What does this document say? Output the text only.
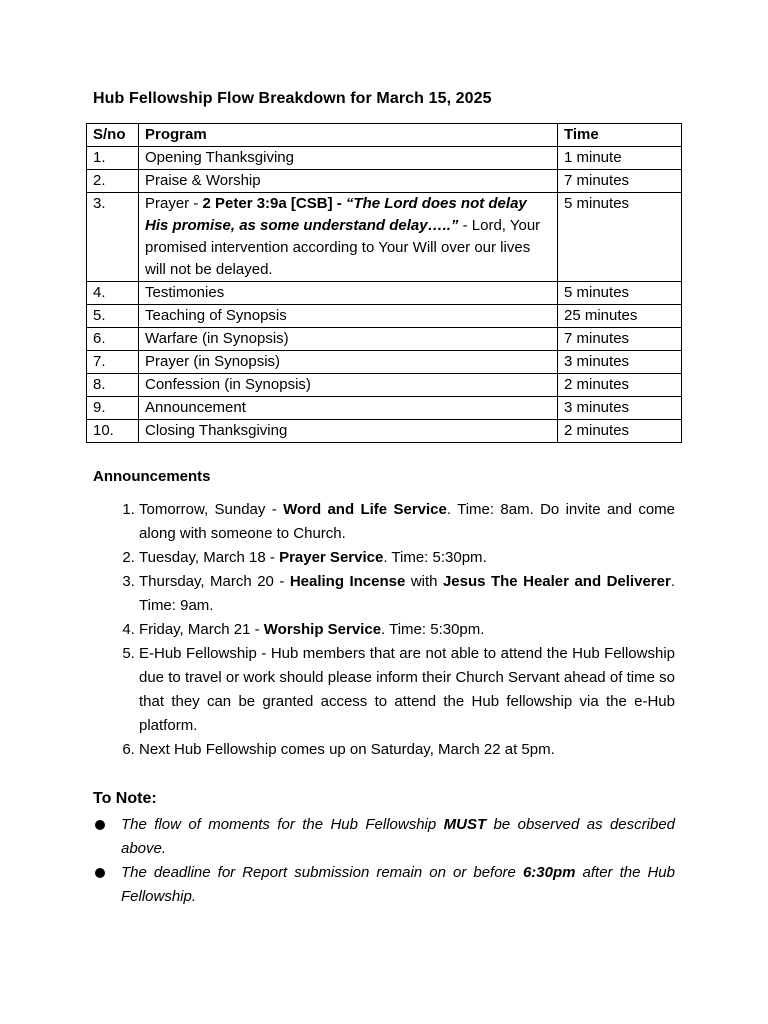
Hub Fellowship Flow Breakdown for March 15, 2025
S/no	Program	Time
1.	Opening Thanksgiving	1 minute
2.	Praise & Worship	7 minutes
3.	Prayer - 2 Peter 3:9a [CSB] - “The Lord does not delay His promise, as some understand delay…..” - Lord, Your promised intervention according to Your Will over our lives will not be delayed.	5 minutes
4.	Testimonies	5 minutes
5.	Teaching of Synopsis	25 minutes
6.	Warfare (in Synopsis)	7 minutes
7.	Prayer (in Synopsis)	3 minutes
8.	Confession (in Synopsis)	2 minutes
9.	Announcement	3 minutes
10.	Closing Thanksgiving	2 minutes
Announcements
1. Tomorrow, Sunday - Word and Life Service. Time: 8am. Do invite and come along with someone to Church.
2. Tuesday, March 18 - Prayer Service. Time: 5:30pm.
3. Thursday, March 20 - Healing Incense with Jesus The Healer and Deliverer. Time: 9am.
4. Friday, March 21 - Worship Service. Time: 5:30pm.
5. E-Hub Fellowship - Hub members that are not able to attend the Hub Fellowship due to travel or work should please inform their Church Servant ahead of time so that they can be granted access to attend the Hub fellowship via the e-Hub platform.
6. Next Hub Fellowship comes up on Saturday, March 22 at 5pm.
To Note:
The flow of moments for the Hub Fellowship MUST be observed as described above.
The deadline for Report submission remain on or before 6:30pm after the Hub Fellowship.
